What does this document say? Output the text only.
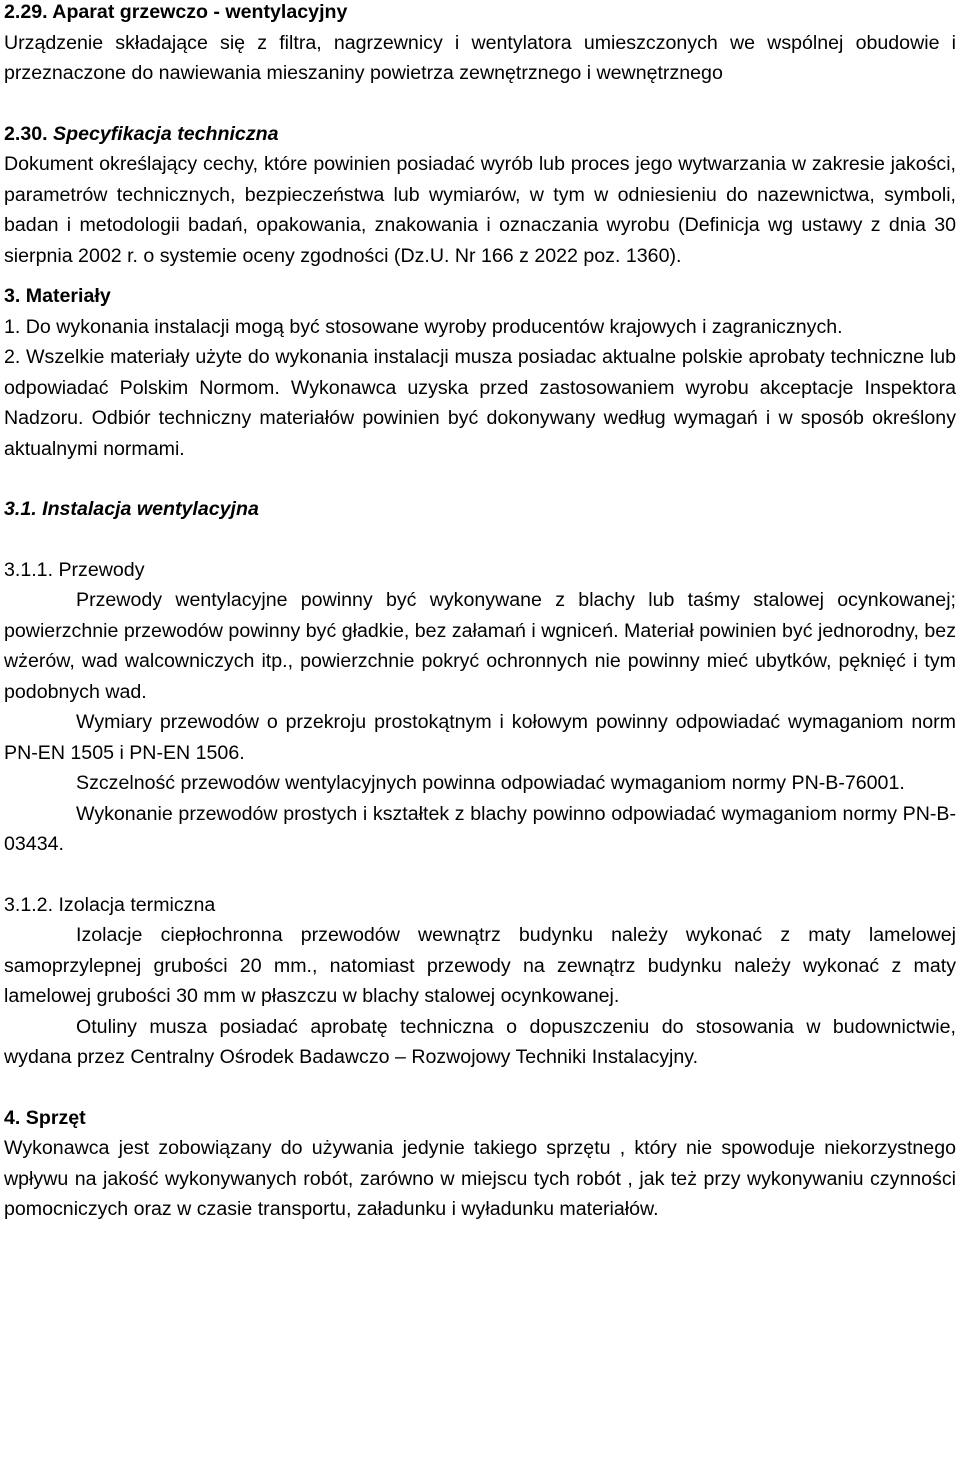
2.29. Aparat grzewczo - wentylacyjny

Urządzenie składające się z filtra, nagrzewnicy i wentylatora umieszczonych we wspólnej obudowie i przeznaczone do nawiewania mieszaniny powietrza zewnętrznego i wewnętrznego

2.30. Specyfikacja techniczna

Dokument określający cechy, które powinien posiadać wyrób lub proces jego wytwarzania w zakresie jakości, parametrów technicznych, bezpieczeństwa lub wymiarów, w tym w odniesieniu do nazewnictwa, symboli, badan i metodologii badań, opakowania, znakowania i oznaczania wyrobu (Definicja wg ustawy z dnia 30 sierpnia 2002 r. o systemie oceny zgodności (Dz.U. Nr 166 z 2022 poz. 1360).

3. Materiały

1. Do wykonania instalacji mogą być stosowane wyroby producentów krajowych i zagranicznych.

2. Wszelkie materiały użyte do wykonania instalacji musza posiadac aktualne polskie aprobaty techniczne lub odpowiadać Polskim Normom. Wykonawca uzyska przed zastosowaniem wyrobu akceptacje Inspektora Nadzoru. Odbiór techniczny materiałów powinien być dokonywany według wymagań i w sposób określony aktualnymi normami.

3.1. Instalacja wentylacyjna

3.1.1. Przewody

Przewody wentylacyjne powinny być wykonywane z blachy lub taśmy stalowej ocynkowanej; powierzchnie przewodów powinny być gładkie, bez załamań i wgniceń. Materiał powinien być jednorodny, bez wżerów, wad walcowniczych itp., powierzchnie pokryć ochronnych nie powinny mieć ubytków, pęknięć i tym podobnych wad.

Wymiary przewodów o przekroju prostokątnym i kołowym powinny odpowiadać wymaganiom norm PN-EN 1505 i PN-EN 1506.

Szczelność przewodów wentylacyjnych powinna odpowiadać wymaganiom normy PN-B-76001.

Wykonanie przewodów prostych i kształtek z blachy powinno odpowiadać wymaganiom normy PN-B-03434.

3.1.2. Izolacja termiczna

Izolacje ciepłochronna przewodów wewnątrz budynku należy wykonać z maty lamelowej samoprzylepnej grubości 20 mm., natomiast przewody na zewnątrz budynku należy wykonać z maty lamelowej grubości 30 mm w płaszczu w blachy stalowej ocynkowanej.

Otuliny musza posiadać aprobatę techniczna o dopuszczeniu do stosowania w budownictwie, wydana przez Centralny Ośrodek Badawczo – Rozwojowy Techniki Instalacyjny.

4. Sprzęt

Wykonawca jest zobowiązany do używania jedynie takiego sprzętu , który nie spowoduje niekorzystnego wpływu na jakość wykonywanych robót, zarówno w miejscu tych robót , jak też przy wykonywaniu czynności pomocniczych oraz w czasie transportu, załadunku i wyładunku materiałów.
